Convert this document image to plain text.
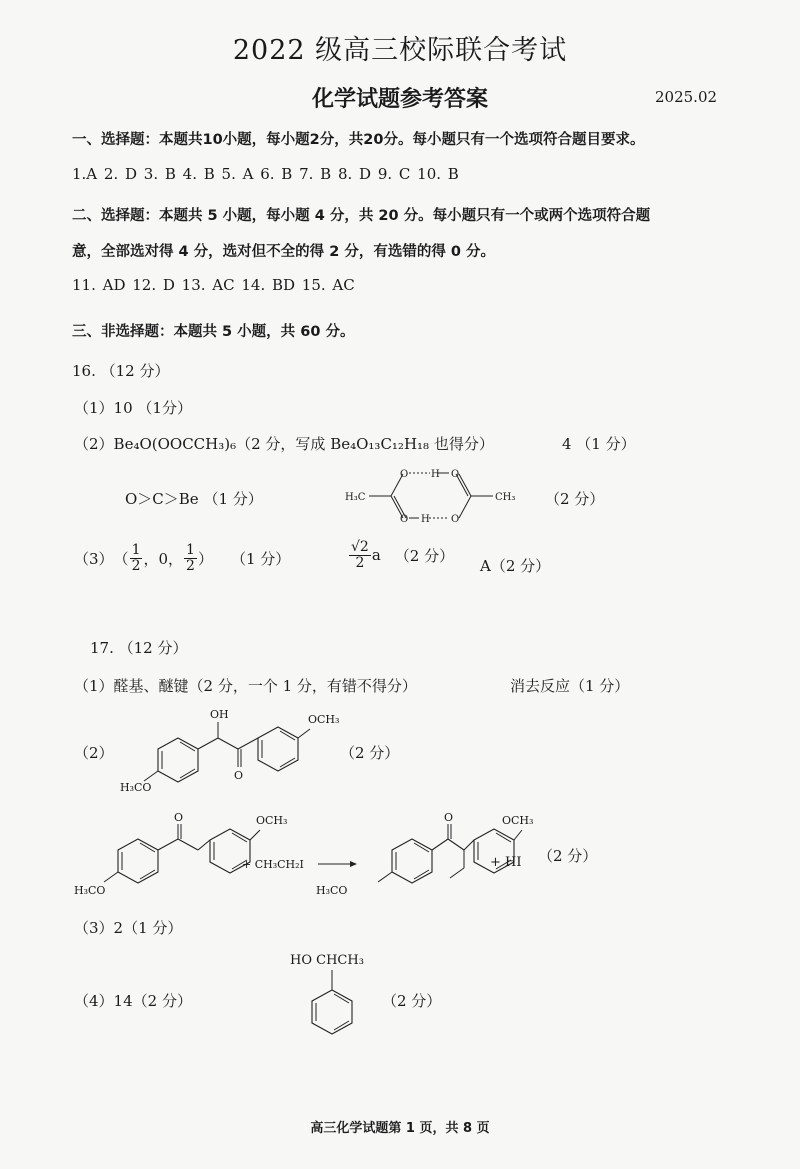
2022 级高三校际联合考试
化学试题参考答案	2025.02
一、选择题：本题共10小题，每小题2分，共20分。每小题只有一个选项符合题目要求。
1.A 2. D 3. B 4. B 5. A 6. B 7. B 8. D 9. C 10. B
二、选择题：本题共 5 小题，每小题 4 分，共 20 分。每小题只有一个或两个选项符合题
意，全部选对得 4 分，选对但不全的得 2 分，有选错的得 0 分。
11. AD 12. D 13. AC 14. BD 15. AC
三、非选择题：本题共 5 小题，共 60 分。
16. （12 分）
（1）10 （1分）
（2）Be₄O(OOCCH₃)₆（2 分，写成 Be₄O₁₃C₁₂H₁₈ 也得分）	4 （1 分）
O＞C＞Be （1 分）	H₃C
O
O
H O
H O
CH₃ （2 分）
（3） （ $\frac{1}{2}$ ，0， $\frac{1}{2}$ ） （1 分）	$\frac{√2}{2}$ a （2 分）
A（2 分）
17. （12 分）
（1）醛基、醚键（2 分，一个 1 分，有错不得分）	消去反应（1 分）
（2）
H₃CO
OH
O
OCH₃
（2 分）
H₃CO
O	OCH₃
+ CH₃CH₂I
H₃CO
O	OCH₃
+ HI （2 分）
（3）2（1 分）
（4）14（2 分）
HO CHCH₃
（2 分）
高三化学试题第 1 页，共 8 页
